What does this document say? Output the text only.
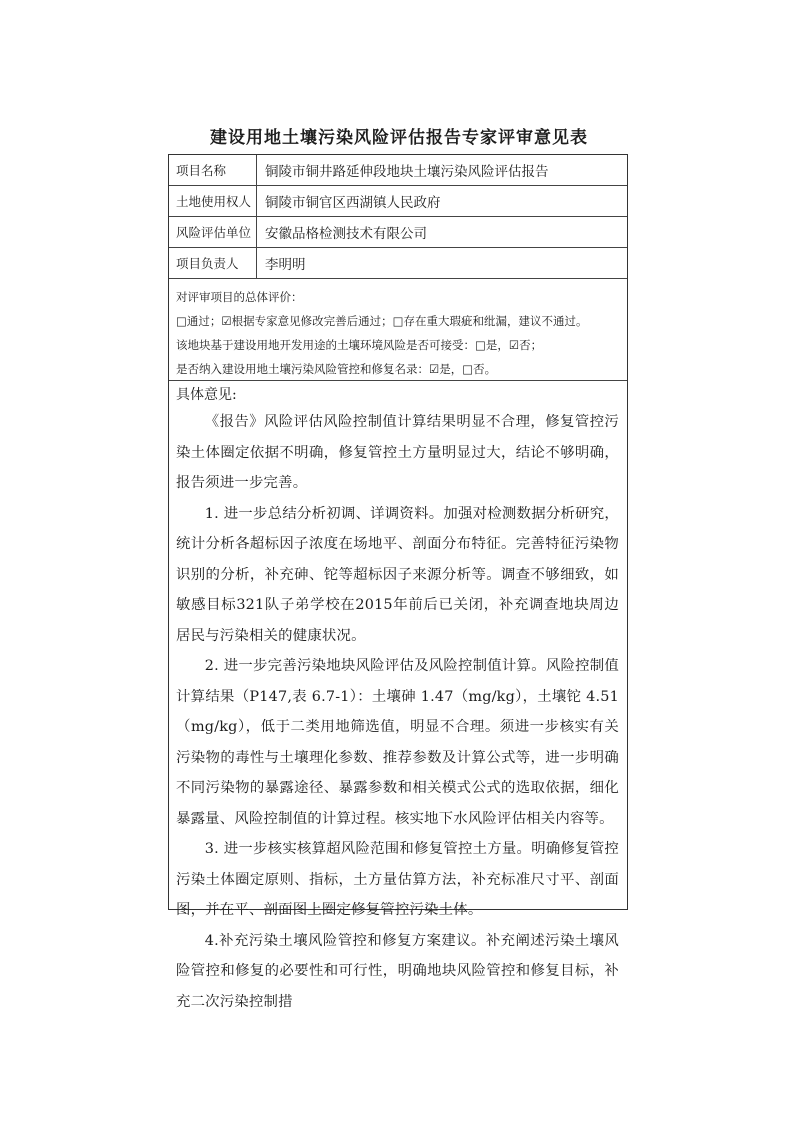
建设用地土壤污染风险评估报告专家评审意见表
项目名称	铜陵市铜井路延伸段地块土壤污染风险评估报告
土地使用权人	铜陵市铜官区西湖镇人民政府
风险评估单位	安徽品格检测技术有限公司
项目负责人	李明明
对评审项目的总体评价：
□通过；☑根据专家意见修改完善后通过；□存在重大瑕疵和纰漏，建议不通过。
该地块基于建设用地开发用途的土壤环境风险是否可接受：□是，☑否；
是否纳入建设用地土壤污染风险管控和修复名录：☑是，□否。
具体意见:

《报告》风险评估风险控制值计算结果明显不合理，修复管控污染土体圈定依据不明确，修复管控土方量明显过大，结论不够明确，报告须进一步完善。

1. 进一步总结分析初调、详调资料。加强对检测数据分析研究，统计分析各超标因子浓度在场地平、剖面分布特征。完善特征污染物识别的分析，补充砷、铊等超标因子来源分析等。调查不够细致，如敏感目标321队子弟学校在2015年前后已关闭，补充调查地块周边居民与污染相关的健康状况。

2. 进一步完善污染地块风险评估及风险控制值计算。风险控制值计算结果（P147,表 6.7-1）：土壤砷 1.47（mg/kg），土壤铊 4.51（mg/kg），低于二类用地筛选值，明显不合理。须进一步核实有关污染物的毒性与土壤理化参数、推荐参数及计算公式等，进一步明确不同污染物的暴露途径、暴露参数和相关模式公式的选取依据，细化暴露量、风险控制值的计算过程。核实地下水风险评估相关内容等。

3. 进一步核实核算超风险范围和修复管控土方量。明确修复管控污染土体圈定原则、指标，土方量估算方法，补充标准尺寸平、剖面图，并在平、剖面图上圈定修复管控污染土体。

4.补充污染土壤风险管控和修复方案建议。补充阐述污染土壤风险管控和修复的必要性和可行性，明确地块风险管控和修复目标，补充二次污染控制措
